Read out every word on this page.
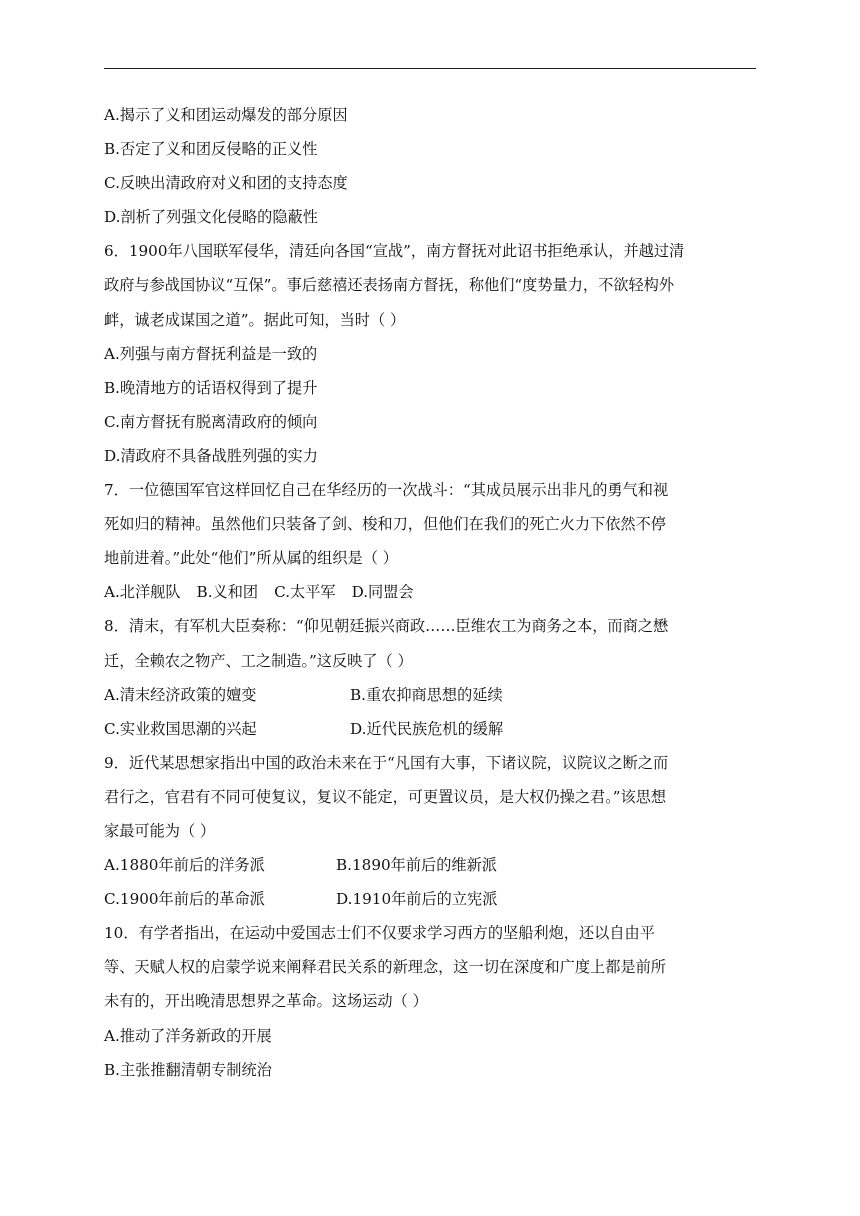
A.揭示了义和团运动爆发的部分原因
B.否定了义和团反侵略的正义性
C.反映出清政府对义和团的支持态度
D.剖析了列强文化侵略的隐蔽性
6．1900年八国联军侵华，清廷向各国“宣战”，南方督抚对此诏书拒绝承认，并越过清
政府与参战国协议“互保”。事后慈禧还表扬南方督抚，称他们“度势量力，不欲轻构外
衅，诚老成谋国之道”。据此可知，当时（ ）
A.列强与南方督抚利益是一致的
B.晚清地方的话语权得到了提升
C.南方督抚有脱离清政府的倾向
D.清政府不具备战胜列强的实力
7．一位德国军官这样回忆自己在华经历的一次战斗：“其成员展示出非凡的勇气和视
死如归的精神。虽然他们只装备了剑、梭和刀，但他们在我们的死亡火力下依然不停
地前进着。”此处“他们”所从属的组织是（ ）
A.北洋舰队 B.义和团 C.太平军 D.同盟会
8．清末，有军机大臣奏称：“仰见朝廷振兴商政……臣维农工为商务之本，而商之懋
迁，全赖农之物产、工之制造。”这反映了（ ）
A.清末经济政策的嬗变	B.重农抑商思想的延续
C.实业救国思潮的兴起	D.近代民族危机的缓解
9．近代某思想家指出中国的政治未来在于“凡国有大事，下诸议院，议院议之断之而
君行之，官君有不同可使复议，复议不能定，可更置议员，是大权仍操之君。”该思想
家最可能为（ ）
A.1880年前后的洋务派	B.1890年前后的维新派
C.1900年前后的革命派	D.1910年前后的立宪派
10．有学者指出，在运动中爱国志士们不仅要求学习西方的坚船利炮，还以自由平
等、天赋人权的启蒙学说来阐释君民关系的新理念，这一切在深度和广度上都是前所
未有的，开出晚清思想界之革命。这场运动（ ）
A.推动了洋务新政的开展
B.主张推翻清朝专制统治
